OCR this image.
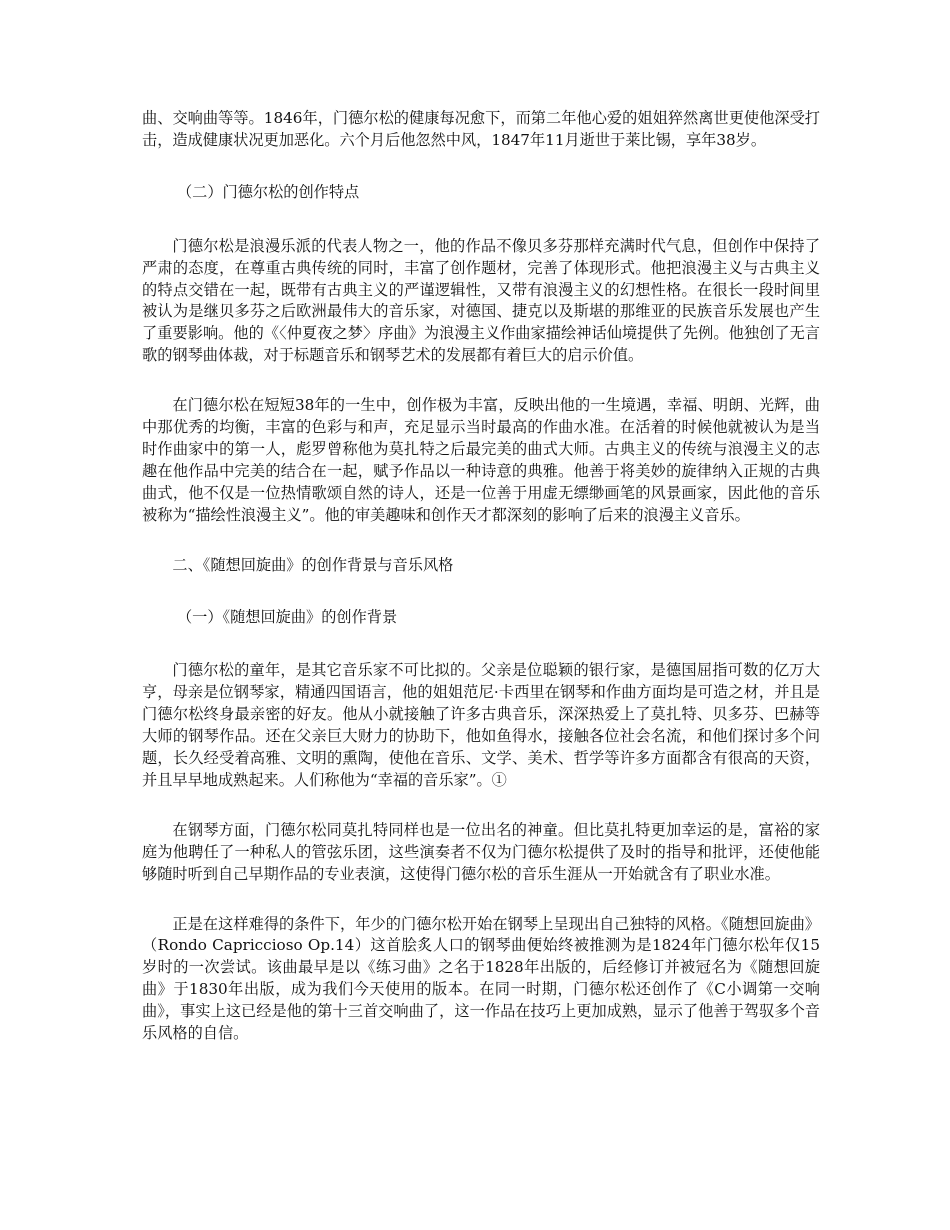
曲、交响曲等等。1846年，门德尔松的健康每况愈下，而第二年他心爱的姐姐猝然离世更使他深受打击，造成健康状况更加恶化。六个月后他忽然中风，1847年11月逝世于莱比锡，享年38岁。

（二）门德尔松的创作特点

门德尔松是浪漫乐派的代表人物之一，他的作品不像贝多芬那样充满时代气息，但创作中保持了严肃的态度，在尊重古典传统的同时，丰富了创作题材，完善了体现形式。他把浪漫主义与古典主义的特点交错在一起，既带有古典主义的严谨逻辑性，又带有浪漫主义的幻想性格。在很长一段时间里被认为是继贝多芬之后欧洲最伟大的音乐家，对德国、捷克以及斯堪的那维亚的民族音乐发展也产生了重要影响。他的《〈仲夏夜之梦〉序曲》为浪漫主义作曲家描绘神话仙境提供了先例。他独创了无言歌的钢琴曲体裁，对于标题音乐和钢琴艺术的发展都有着巨大的启示价值。

在门德尔松在短短38年的一生中，创作极为丰富，反映出他的一生境遇，幸福、明朗、光辉，曲中那优秀的均衡，丰富的色彩与和声，充足显示当时最高的作曲水准。在活着的时候他就被认为是当时作曲家中的第一人，彪罗曾称他为莫扎特之后最完美的曲式大师。古典主义的传统与浪漫主义的志趣在他作品中完美的结合在一起，赋予作品以一种诗意的典雅。他善于将美妙的旋律纳入正规的古典曲式，他不仅是一位热情歌颂自然的诗人，还是一位善于用虚无缥缈画笔的风景画家，因此他的音乐被称为“描绘性浪漫主义”。他的审美趣味和创作天才都深刻的影响了后来的浪漫主义音乐。

二、《随想回旋曲》的创作背景与音乐风格

（一）《随想回旋曲》的创作背景

门德尔松的童年，是其它音乐家不可比拟的。父亲是位聪颖的银行家，是德国屈指可数的亿万大亨，母亲是位钢琴家，精通四国语言，他的姐姐范尼·卡西里在钢琴和作曲方面均是可造之材，并且是门德尔松终身最亲密的好友。他从小就接触了许多古典音乐，深深热爱上了莫扎特、贝多芬、巴赫等大师的钢琴作品。还在父亲巨大财力的协助下，他如鱼得水，接触各位社会名流，和他们探讨多个问题，长久经受着高雅、文明的熏陶，使他在音乐、文学、美术、哲学等许多方面都含有很高的天资，并且早早地成熟起来。人们称他为“幸福的音乐家”。①

在钢琴方面，门德尔松同莫扎特同样也是一位出名的神童。但比莫扎特更加幸运的是，富裕的家庭为他聘任了一种私人的管弦乐团，这些演奏者不仅为门德尔松提供了及时的指导和批评，还使他能够随时听到自己早期作品的专业表演，这使得门德尔松的音乐生涯从一开始就含有了职业水准。

正是在这样难得的条件下，年少的门德尔松开始在钢琴上呈现出自己独特的风格。《随想回旋曲》（Rondo Capriccioso Op.14）这首脍炙人口的钢琴曲便始终被推测为是1824年门德尔松年仅15岁时的一次尝试。该曲最早是以《练习曲》之名于1828年出版的，后经修订并被冠名为《随想回旋曲》于1830年出版，成为我们今天使用的版本。在同一时期，门德尔松还创作了《C小调第一交响曲》，事实上这已经是他的第十三首交响曲了，这一作品在技巧上更加成熟，显示了他善于驾驭多个音乐风格的自信。
